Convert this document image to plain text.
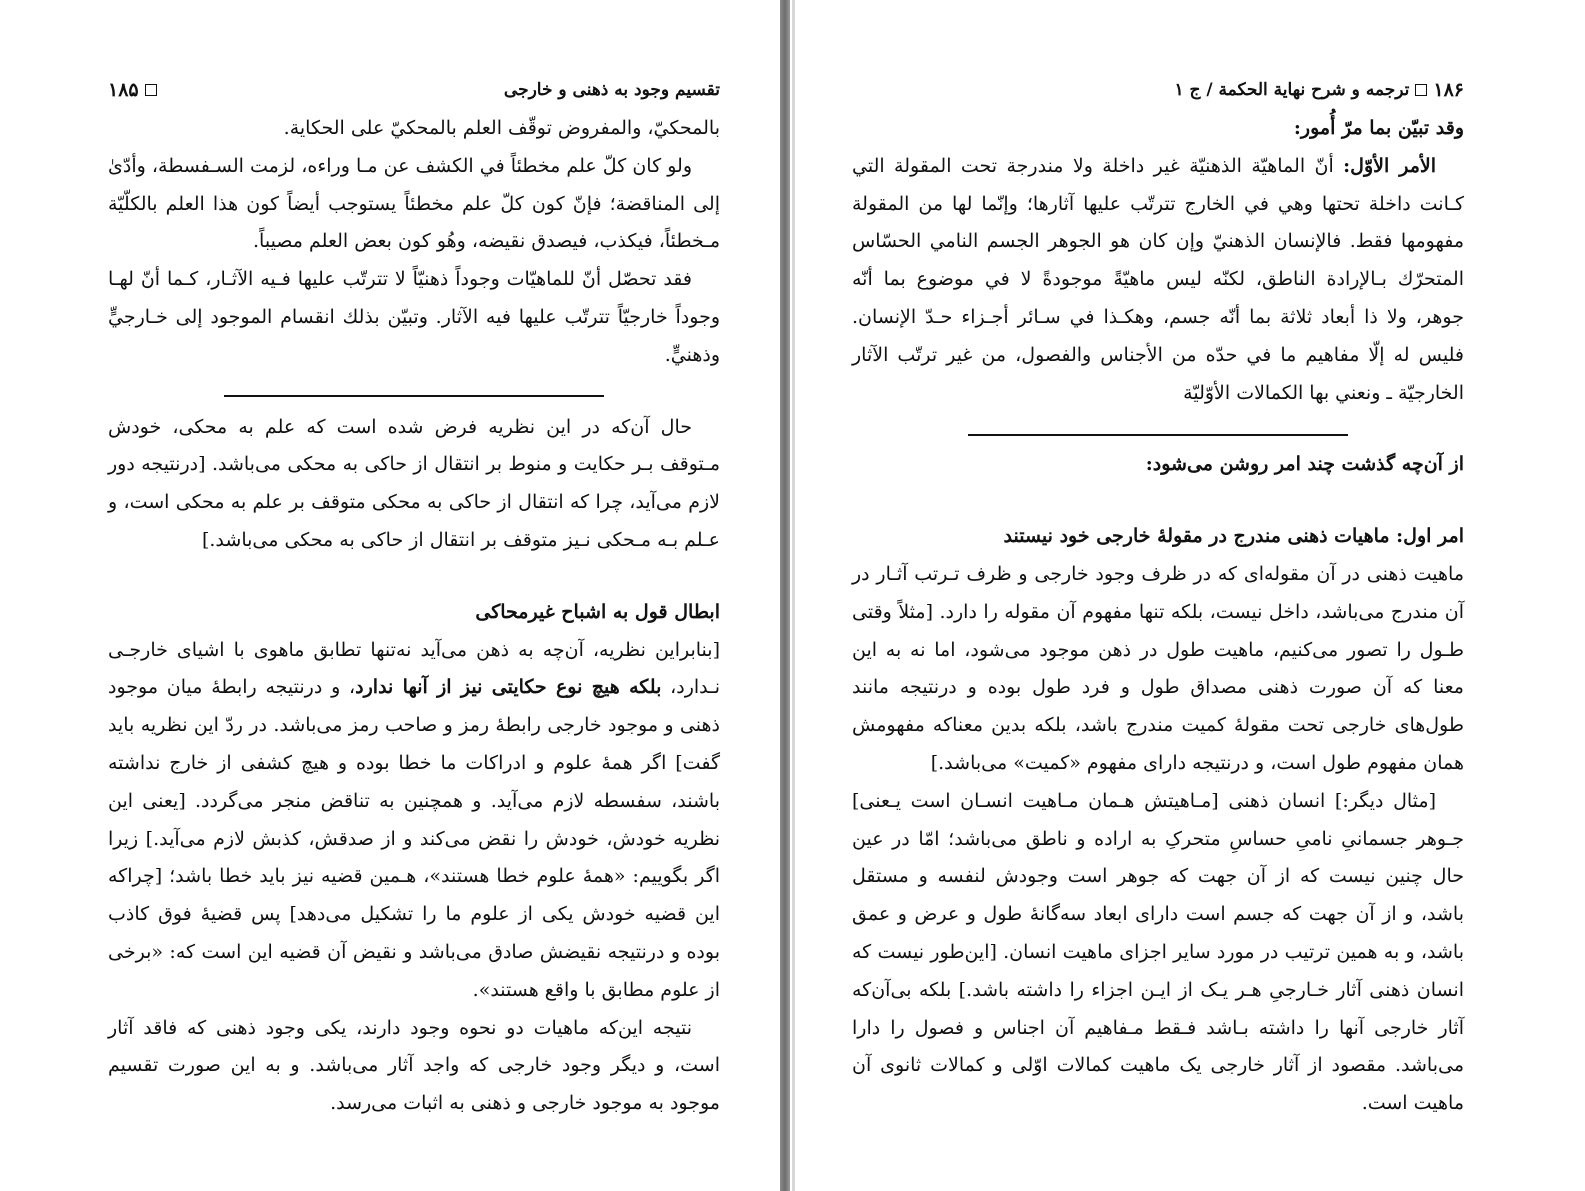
تقسیم وجود به ذهنی و خارجی
۱۸۵

بالمحكيّ، والمفروض توقّف العلم بالمحكيّ على الحكاية.

ولو كان كلّ علم مخطئاً في الكشف عن مـا وراءه، لزمت السـفسطة، وأدّىٰ إلى المناقضة؛ فإنّ كون كلّ علم مخطئاً يستوجب أيضاً كون هذا العلم بالكلّيّة مـخطئاً، فيكذب، فيصدق نقيضه، وهُو كون بعض العلم مصيباً.

فقد تحصّل أنّ للماهيّات وجوداً ذهنيّاً لا تترتّب عليها فـيه الآثـار، كـما أنّ لهـا وجوداً خارجيّاً تترتّب عليها فيه الآثار. وتبيّن بذلك انقسام الموجود إلى خـارجيٍّ وذهنيٍّ.

حال آن‌که در این نظریه فرض شده است که علم به محکی، خودش مـتوقف بـر حکایت و منوط بر انتقال از حاکی به محکی می‌باشد. [درنتیجه دور لازم می‌آید، چرا که انتقال از حاکی به محکی متوقف بر علم به محکی است، و عـلم بـه مـحکی نـیز متوقف بر انتقال از حاکی به محکی می‌باشد.]

ابطال قول به اشباح غیرمحاکی

[بنابراین نظریه، آن‌چه به ذهن می‌آید نه‌تنها تطابق ماهوی با اشیای خارجـی نـدارد، بلکه هیچ نوع حکایتی نیز از آنها ندارد، و درنتیجه رابطهٔ میان موجود ذهنی و موجود خارجی رابطهٔ رمز و صاحب رمز می‌باشد. در ردّ این نظریه باید گفت] اگر همهٔ علوم و ادراکات ما خطا بوده و هیچ کشفی از خارج نداشته باشند، سفسطه لازم می‌آید. و همچنین به تناقض منجر می‌گردد. [یعنی این نظریه خودش، خودش را نقض می‌کند و از صدقش، کذبش لازم می‌آید.] زیرا اگر بگوییم: «همهٔ علوم خطا هستند»، هـمین قضیه نیز باید خطا باشد؛ [چراکه این قضیه خودش یکی از علوم ما را تشکیل می‌دهد] پس قضیهٔ فوق کاذب بوده و درنتیجه نقیضش صادق می‌باشد و نقیض آن قضیه این است که: «برخی از علوم مطابق با واقع هستند».

نتیجه این‌که ماهیات دو نحوه وجود دارند، یکی وجود ذهنی که فاقد آثار است، و دیگر وجود خارجی که واجد آثار می‌باشد. و به این صورت تقسیم موجود به موجود خارجی و ذهنی به اثبات می‌رسد.

۱۸۶
ترجمه و شرح نهاية الحكمة / ج ۱

وقد تبيّن بما مرّ أُمور:

الأمر الأوّل: أنّ الماهيّة الذهنيّة غير داخلة ولا مندرجة تحت المقولة التي كـانت داخلة تحتها وهي في الخارج تترتّب عليها آثارها؛ وإنّما لها من المقولة مفهومها فقط. فالإنسان الذهنيّ وإن كان هو الجوهر الجسم النامي الحسّاس المتحرّك بـالإرادة الناطق، لكنّه ليس ماهيّةً موجودةً لا في موضوع بما أنّه جوهر، ولا ذا أبعاد ثلاثة بما أنّه جسم، وهكـذا في سـائر أجـزاء حـدّ الإنسان. فليس له إلّا مفاهيم ما في حدّه من الأجناس والفصول، من غير ترتّب الآثار الخارجيّة ـ ونعني بها الكمالات الأوّليّة

از آن‌چه گذشت چند امر روشن می‌شود:

امر اول: ماهیات ذهنی مندرج در مقولهٔ خارجی خود نیستند

ماهیت ذهنی در آن مقوله‌ای که در ظرف وجود خارجی و ظرف تـرتب آثـار در آن مندرج می‌باشد، داخل نیست، بلکه تنها مفهوم آن مقوله را دارد. [مثلاً وقتی طـول را تصور می‌کنیم، ماهیت طول در ذهن موجود می‌شود، اما نه به این معنا که آن صورت ذهنی مصداق طول و فرد طول بوده و درنتیجه مانند طول‌های خارجی تحت مقولهٔ کمیت مندرج باشد، بلکه بدین معناکه مفهومش همان مفهوم طول است، و درنتیجه دارای مفهوم «کمیت» می‌باشد.]

[مثال دیگر:] انسان ذهنی [مـاهیتش هـمان مـاهیت انسـان است یـعنی] جـوهر جسمانیِ نامیِ حساسِ متحرکِ به اراده و ناطق می‌باشد؛ امّا در عین حال چنین نیست که از آن جهت که جوهر است وجودش لنفسه و مستقل باشد، و از آن جهت که جسم است دارای ابعاد سه‌گانهٔ طول و عرض و عمق باشد، و به همین ترتیب در مورد سایر اجزای ماهیت انسان. [این‌طور نیست که انسان ذهنی آثار خـارجیِ هـر یـک از ایـن اجزاء را داشته باشد.] بلکه بی‌آن‌که آثار خارجی آنها را داشته بـاشد فـقط مـفاهیم آن اجناس و فصول را دارا می‌باشد. مقصود از آثار خارجی یک ماهیت کمالات اوّلی و کمالات ثانوی آن ماهیت است.
